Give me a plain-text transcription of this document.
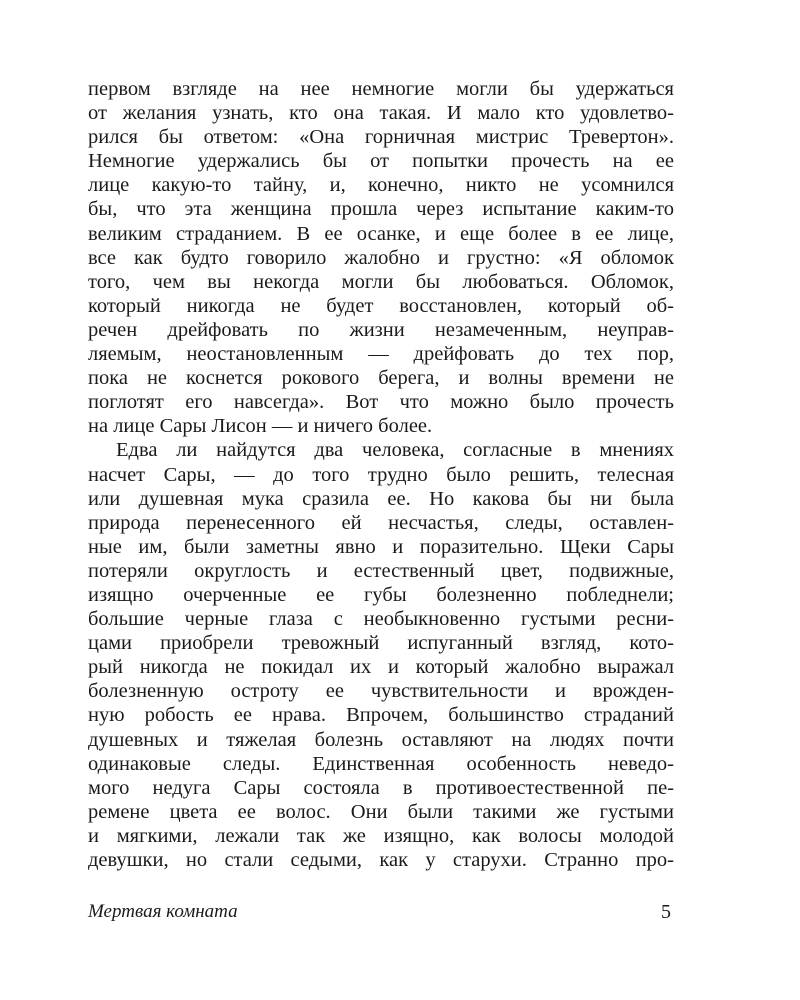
первом взгляде на нее немногие могли бы удержаться
от желания узнать, кто она такая. И мало кто удовлетво-
рился бы ответом: «Она горничная мистрис Тревертон».
Немногие удержались бы от попытки прочесть на ее
лице какую-то тайну, и, конечно, никто не усомнился
бы, что эта женщина прошла через испытание каким-то
великим страданием. В ее осанке, и еще более в ее лице,
все как будто говорило жалобно и грустно: «Я обломок
того, чем вы некогда могли бы любоваться. Обломок,
который никогда не будет восстановлен, который об-
речен дрейфовать по жизни незамеченным, неуправ-
ляемым, неостановленным — дрейфовать до тех пор,
пока не коснется рокового берега, и волны времени не
поглотят его навсегда». Вот что можно было прочесть
на лице Сары Лисон — и ничего более.
Едва ли найдутся два человека, согласные в мнениях
насчет Сары, — до того трудно было решить, телесная
или душевная мука сразила ее. Но какова бы ни была
природа перенесенного ей несчастья, следы, оставлен-
ные им, были заметны явно и поразительно. Щеки Сары
потеряли округлость и естественный цвет, подвижные,
изящно очерченные ее губы болезненно побледнели;
большие черные глаза с необыкновенно густыми ресни-
цами приобрели тревожный испуганный взгляд, кото-
рый никогда не покидал их и который жалобно выражал
болезненную остроту ее чувствительности и врожден-
ную робость ее нрава. Впрочем, большинство страданий
душевных и тяжелая болезнь оставляют на людях почти
одинаковые следы. Единственная особенность неведо-
мого недуга Сары состояла в противоестественной пе-
ремене цвета ее волос. Они были такими же густыми
и мягкими, лежали так же изящно, как волосы молодой
девушки, но стали седыми, как у старухи. Странно про-
Мертвая комната	5
